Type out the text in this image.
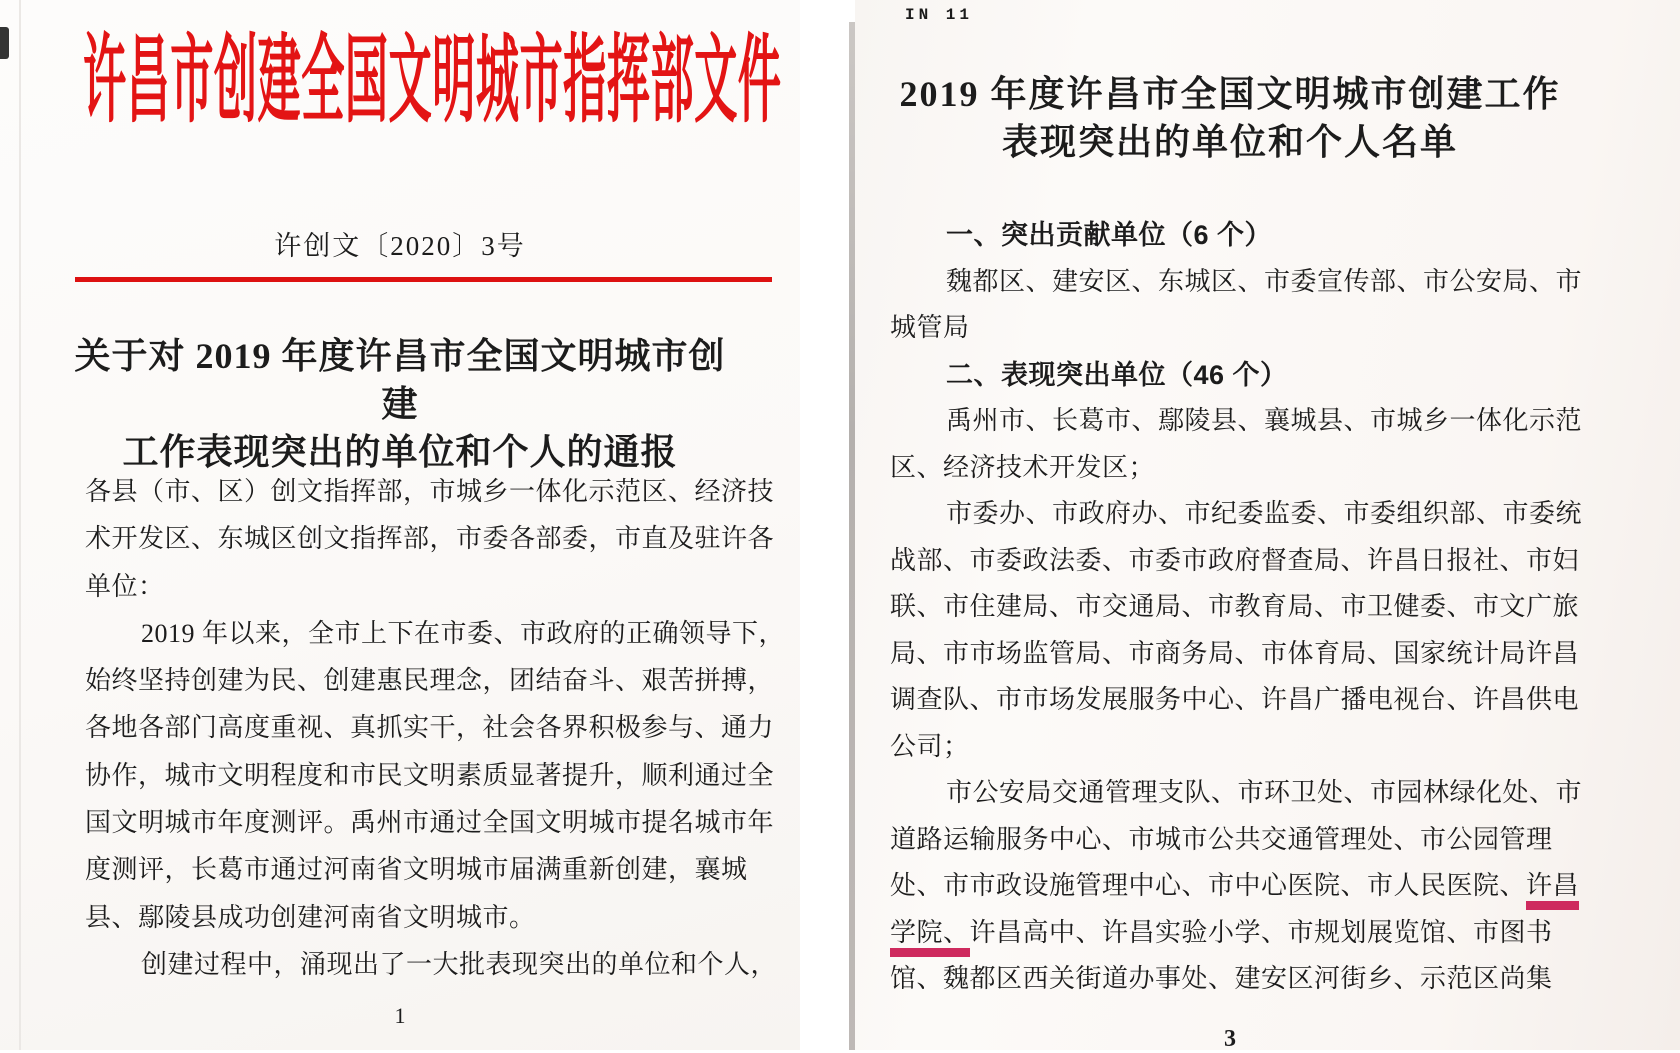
许昌市创建全国文明城市指挥部文件
许创文〔2020〕3号
关于对 2019 年度许昌市全国文明城市创建
工作表现突出的单位和个人的通报
各县（市、区）创文指挥部，市城乡一体化示范区、经济技
术开发区、东城区创文指挥部，市委各部委，市直及驻许各
单位：
2019 年以来，全市上下在市委、市政府的正确领导下，
始终坚持创建为民、创建惠民理念，团结奋斗、艰苦拼搏，
各地各部门高度重视、真抓实干，社会各界积极参与、通力
协作，城市文明程度和市民文明素质显著提升，顺利通过全
国文明城市年度测评。禹州市通过全国文明城市提名城市年
度测评，长葛市通过河南省文明城市届满重新创建，襄城
县、鄢陵县成功创建河南省文明城市。
创建过程中，涌现出了一大批表现突出的单位和个人，
1
IN 11
2019 年度许昌市全国文明城市创建工作
表现突出的单位和个人名单
一、突出贡献单位（6 个）
魏都区、建安区、东城区、市委宣传部、市公安局、市
城管局
二、表现突出单位（46 个）
禹州市、长葛市、鄢陵县、襄城县、市城乡一体化示范
区、经济技术开发区；
市委办、市政府办、市纪委监委、市委组织部、市委统
战部、市委政法委、市委市政府督查局、许昌日报社、市妇
联、市住建局、市交通局、市教育局、市卫健委、市文广旅
局、市市场监管局、市商务局、市体育局、国家统计局许昌
调查队、市市场发展服务中心、许昌广播电视台、许昌供电
公司；
市公安局交通管理支队、市环卫处、市园林绿化处、市
道路运输服务中心、市城市公共交通管理处、市公园管理
处、市市政设施管理中心、市中心医院、市人民医院、许昌
学院、许昌高中、许昌实验小学、市规划展览馆、市图书
馆、魏都区西关街道办事处、建安区河街乡、示范区尚集
3
